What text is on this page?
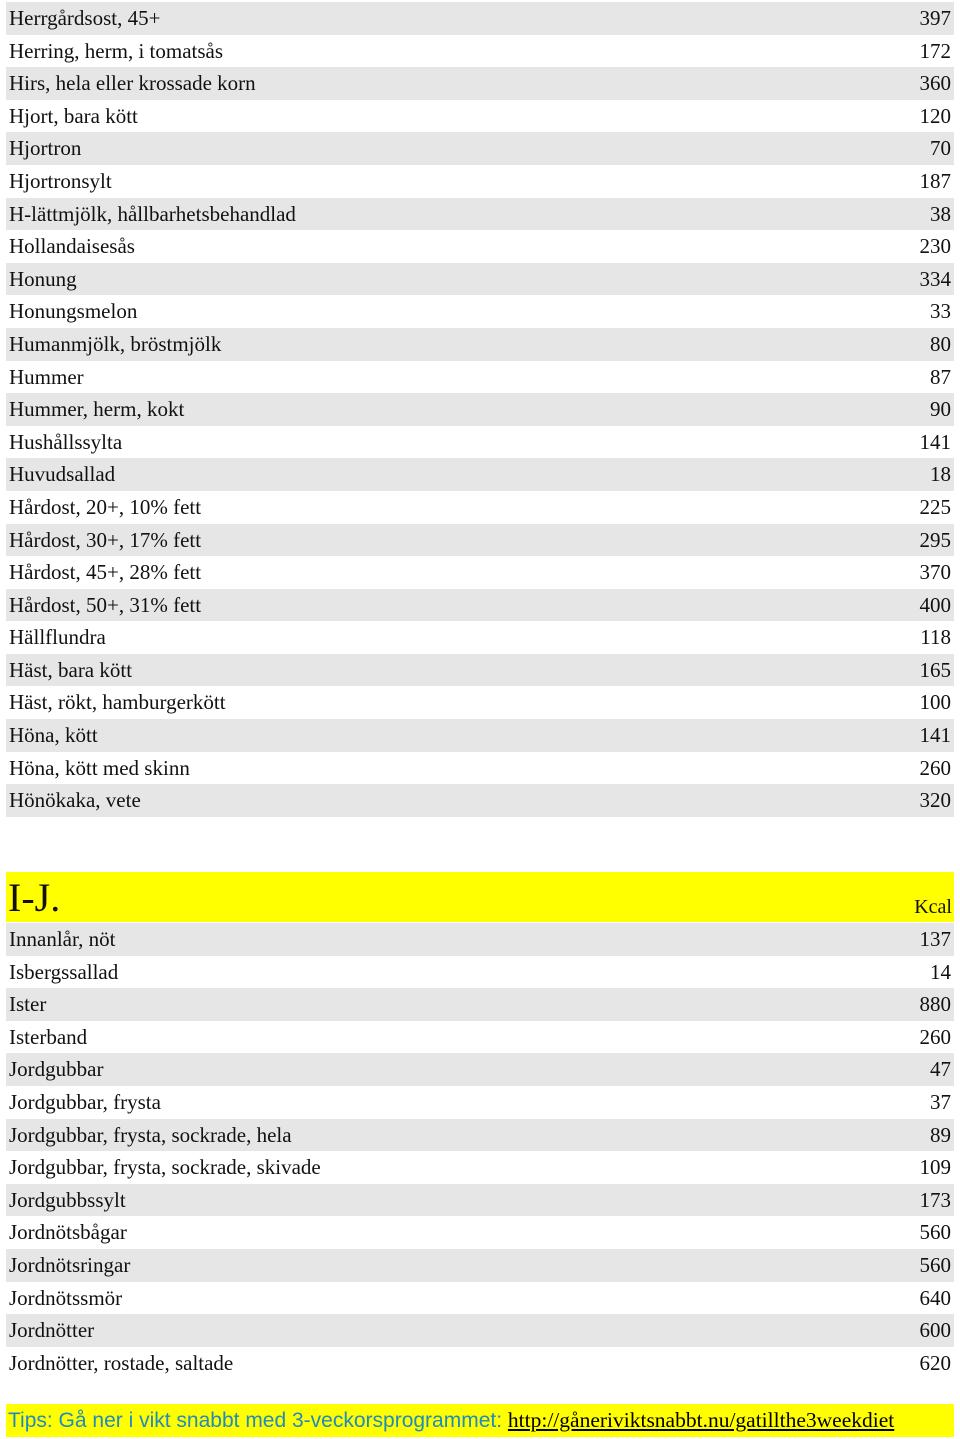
Herrgårdsost, 45+	397
Herring, herm, i tomatsås	172
Hirs, hela eller krossade korn	360
Hjort, bara kött	120
Hjortron	70
Hjortronsylt	187
H-lättmjölk, hållbarhetsbehandlad	38
Hollandaisesås	230
Honung	334
Honungsmelon	33
Humanmjölk, bröstmjölk	80
Hummer	87
Hummer, herm, kokt	90
Hushållssylta	141
Huvudsallad	18
Hårdost, 20+, 10% fett	225
Hårdost, 30+, 17% fett	295
Hårdost, 45+, 28% fett	370
Hårdost, 50+, 31% fett	400
Hällflundra	118
Häst, bara kött	165
Häst, rökt, hamburgerkött	100
Höna, kött	141
Höna, kött med skinn	260
Hönökaka, vete	320
I-J.	Kcal
Innanlår, nöt	137
Isbergssallad	14
Ister	880
Isterband	260
Jordgubbar	47
Jordgubbar, frysta	37
Jordgubbar, frysta, sockrade, hela	89
Jordgubbar, frysta, sockrade, skivade	109
Jordgubbssylt	173
Jordnötsbågar	560
Jordnötsringar	560
Jordnötssmör	640
Jordnötter	600
Jordnötter, rostade, saltade	620
Tips: Gå ner i vikt snabbt med 3-veckorsprogrammet: http://gåneriviktsnabbt.nu/gatillthe3weekdiet
